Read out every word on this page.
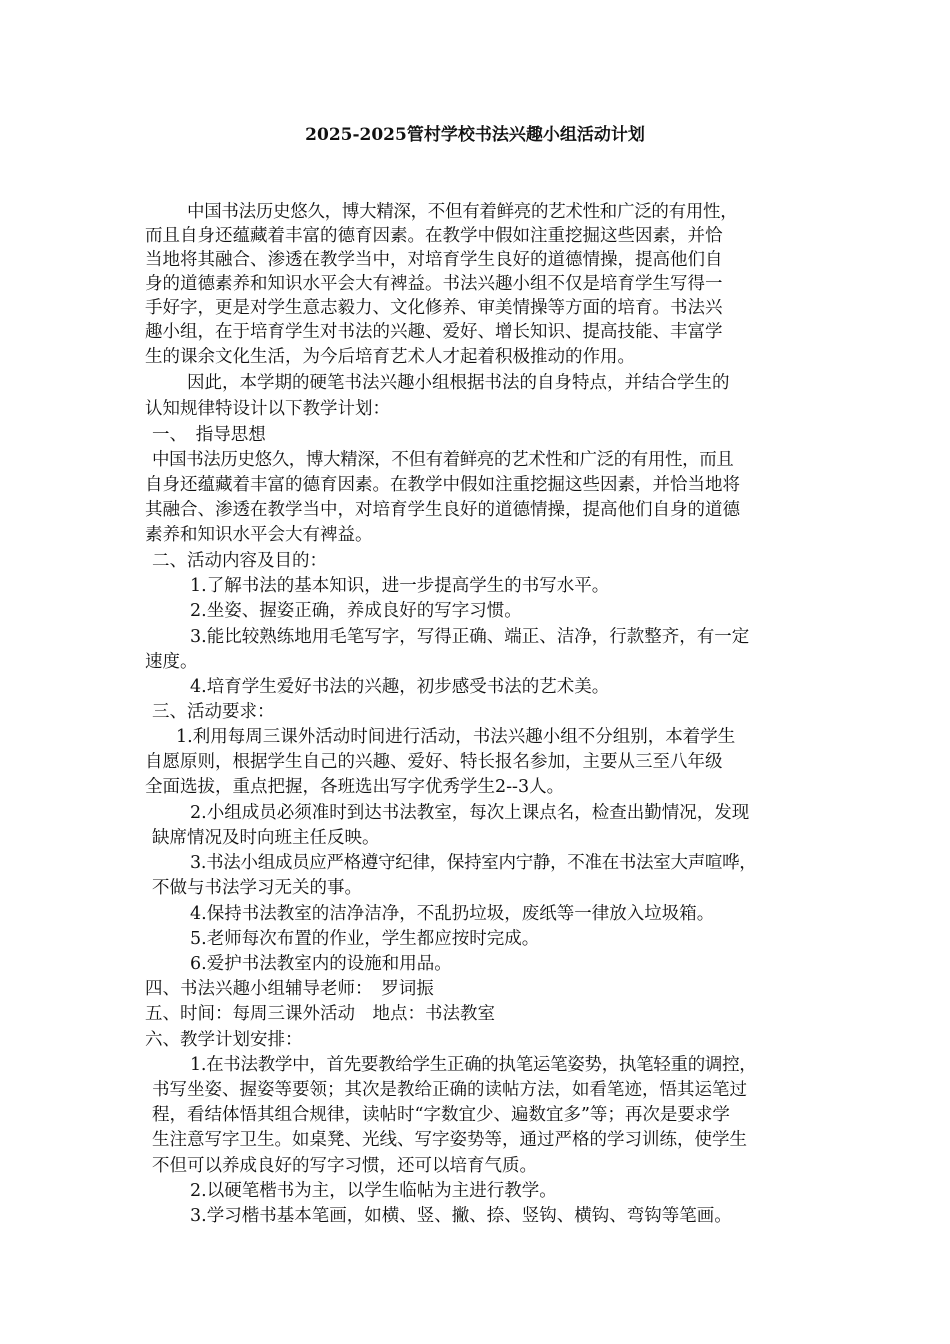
2025-2025管村学校书法兴趣小组活动计划
中国书法历史悠久，博大精深，不但有着鲜亮的艺术性和广泛的有用性，
而且自身还蕴藏着丰富的德育因素。在教学中假如注重挖掘这些因素，并恰
当地将其融合、渗透在教学当中，对培育学生良好的道德情操，提高他们自
身的道德素养和知识水平会大有裨益。书法兴趣小组不仅是培育学生写得一
手好字，更是对学生意志毅力、文化修养、审美情操等方面的培育。书法兴
趣小组，在于培育学生对书法的兴趣、爱好、增长知识、提高技能、丰富学
生的课余文化生活，为今后培育艺术人才起着积极推动的作用。
因此，本学期的硬笔书法兴趣小组根据书法的自身特点，并结合学生的
认知规律特设计以下教学计划：
一、　指导思想
中国书法历史悠久，博大精深，不但有着鲜亮的艺术性和广泛的有用性，而且
自身还蕴藏着丰富的德育因素。在教学中假如注重挖掘这些因素，并恰当地将
其融合、渗透在教学当中，对培育学生良好的道德情操，提高他们自身的道德
素养和知识水平会大有裨益。
二、活动内容及目的：
1.了解书法的基本知识，进一步提高学生的书写水平。
2.坐姿、握姿正确，养成良好的写字习惯。
3.能比较熟练地用毛笔写字，写得正确、端正、洁净，行款整齐，有一定
速度。
4.培育学生爱好书法的兴趣，初步感受书法的艺术美。
三、活动要求：
1.利用每周三课外活动时间进行活动，书法兴趣小组不分组别，本着学生
自愿原则，根据学生自己的兴趣、爱好、特长报名参加，主要从三至八年级
全面选拔，重点把握，各班选出写字优秀学生2--3人。
2.小组成员必须准时到达书法教室，每次上课点名，检查出勤情况，发现
缺席情况及时向班主任反映。
3.书法小组成员应严格遵守纪律，保持室内宁静，不准在书法室大声喧哗，
不做与书法学习无关的事。
4.保持书法教室的洁净洁净，不乱扔垃圾，废纸等一律放入垃圾箱。
5.老师每次布置的作业，学生都应按时完成。
6.爱护书法教室内的设施和用品。
四、书法兴趣小组辅导老师：　罗词振
五、时间：每周三课外活动　地点：书法教室
六、教学计划安排：
1.在书法教学中，首先要教给学生正确的执笔运笔姿势，执笔轻重的调控，
书写坐姿、握姿等要领；其次是教给正确的读帖方法，如看笔迹，悟其运笔过
程，看结体悟其组合规律，读帖时“字数宜少、遍数宜多”等；再次是要求学
生注意写字卫生。如桌凳、光线、写字姿势等，通过严格的学习训练，使学生
不但可以养成良好的写字习惯，还可以培育气质。
2.以硬笔楷书为主，以学生临帖为主进行教学。
3.学习楷书基本笔画，如横、竖、撇、捺、竖钩、横钩、弯钩等笔画。
